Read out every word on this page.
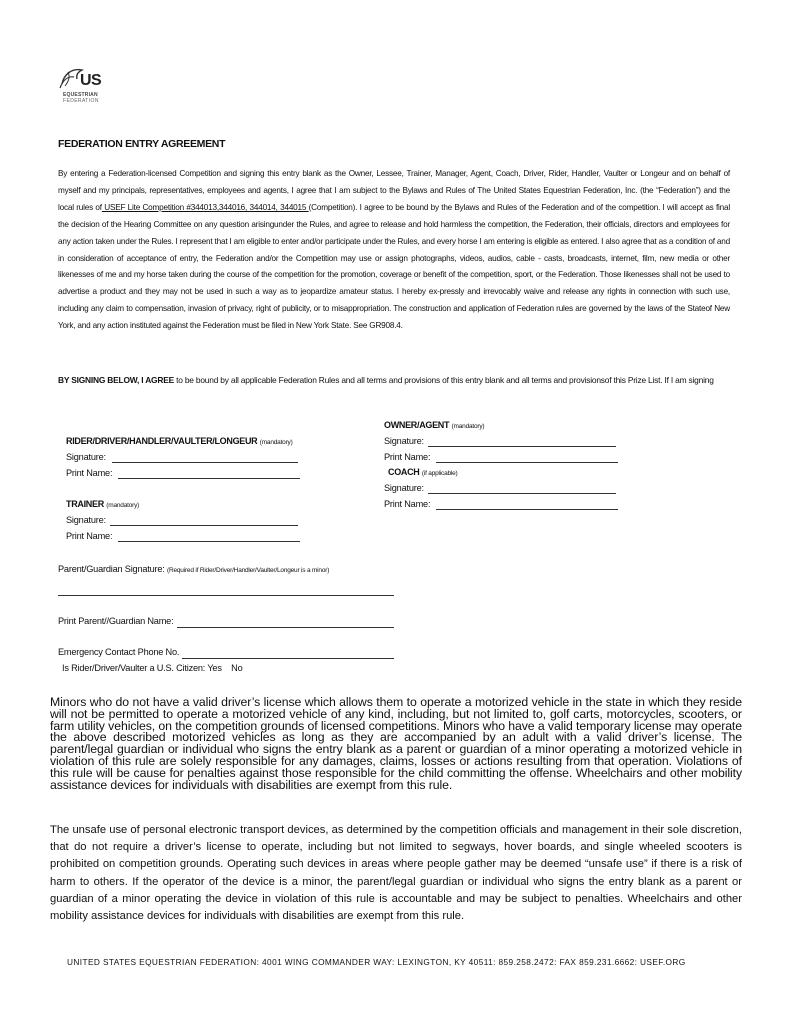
US
EQUESTRIAN
FEDERATION
FEDERATION ENTRY AGREEMENT
By entering a Federation-licensed Competition and signing this entry blank as the Owner, Lessee, Trainer, Manager, Agent, Coach, Driver, Rider, Handler, Vaulter or Longeur and on behalf of myself and my principals, representatives, employees and agents, I agree that I am subject to the Bylaws and Rules of The United States Equestrian Federation, Inc. (the “Federation”) and the local rules of USEF Lite Competition #344013,344016, 344014, 344015 (Competition). I agree to be bound by the Bylaws and Rules of the Federation and of the competition. I will accept as final the decision of the Hearing Committee on any question arisingunder the Rules, and agree to release and hold harmless the competition, the Federation, their officials, directors and employees for any action taken under the Rules. I represent that I am eligible to enter and/or participate under the Rules, and every horse I am entering is eligible as entered. I also agree that as a condition of and in consideration of acceptance of entry, the Federation and/or the Competition may use or assign photographs, videos, audios, cable - casts, broadcasts, internet, film, new media or other likenesses of me and my horse taken during the course of the competition for the promotion, coverage or benefit of the competition, sport, or the Federation. Those likenesses shall not be used to advertise a product and they may not be used in such a way as to jeopardize amateur status. I hereby ex-pressly and irrevocably waive and release any rights in connection with such use, including any claim to compensation, invasion of privacy, right of publicity, or to misappropriation. The construction and application of Federation rules are governed by the laws of the Stateof New York, and any action instituted against the Federation must be filed in New York State. See GR908.4.
BY SIGNING BELOW, I AGREE to be bound by all applicable Federation Rules and all terms and provisions of this entry blank and all terms and provisionsof this Prize List. If I am signing
RIDER/DRIVER/HANDLER/VAULTER/LONGEUR (mandatory)
Signature:
Print Name:
TRAINER (mandatory)
Signature:
Print Name:
OWNER/AGENT (mandatory)
Signature:
Print Name:
COACH (if applicable)
Signature:
Print Name:
Parent/Guardian Signature: (Required if Rider/Driver/Handler/Vaulter/Longeur is a minor)
Print Parent//Guardian Name:
Emergency Contact Phone No.
Is Rider/Driver/Vaulter a U.S. Citizen: Yes No
Minors who do not have a valid driver’s license which allows them to operate a motorized vehicle in the state in which they reside will not be permitted to operate a motorized vehicle of any kind, including, but not limited to, golf carts, motorcycles, scooters, or farm utility vehicles, on the competition grounds of licensed competitions. Minors who have a valid temporary license may operate the above described motorized vehicles as long as they are accompanied by an adult with a valid driver’s license. The parent/legal guardian or individual who signs the entry blank as a parent or guardian of a minor operating a motorized vehicle in violation of this rule are solely responsible for any damages, claims, losses or actions resulting from that operation. Violations of this rule will be cause for penalties against those responsible for the child committing the offense. Wheelchairs and other mobility assistance devices for individuals with disabilities are exempt from this rule.
The unsafe use of personal electronic transport devices, as determined by the competition officials and management in their sole discretion, that do not require a driver’s license to operate, including but not limited to segways, hover boards, and single wheeled scooters is prohibited on competition grounds. Operating such devices in areas where people gather may be deemed “unsafe use” if there is a risk of harm to others. If the operator of the device is a minor, the parent/legal guardian or individual who signs the entry blank as a parent or guardian of a minor operating the device in violation of this rule is accountable and may be subject to penalties. Wheelchairs and other mobility assistance devices for individuals with disabilities are exempt from this rule.
UNITED STATES EQUESTRIAN FEDERATION: 4001 WING COMMANDER WAY: LEXINGTON, KY 40511: 859.258.2472: FAX 859.231.6662: USEF.ORG
